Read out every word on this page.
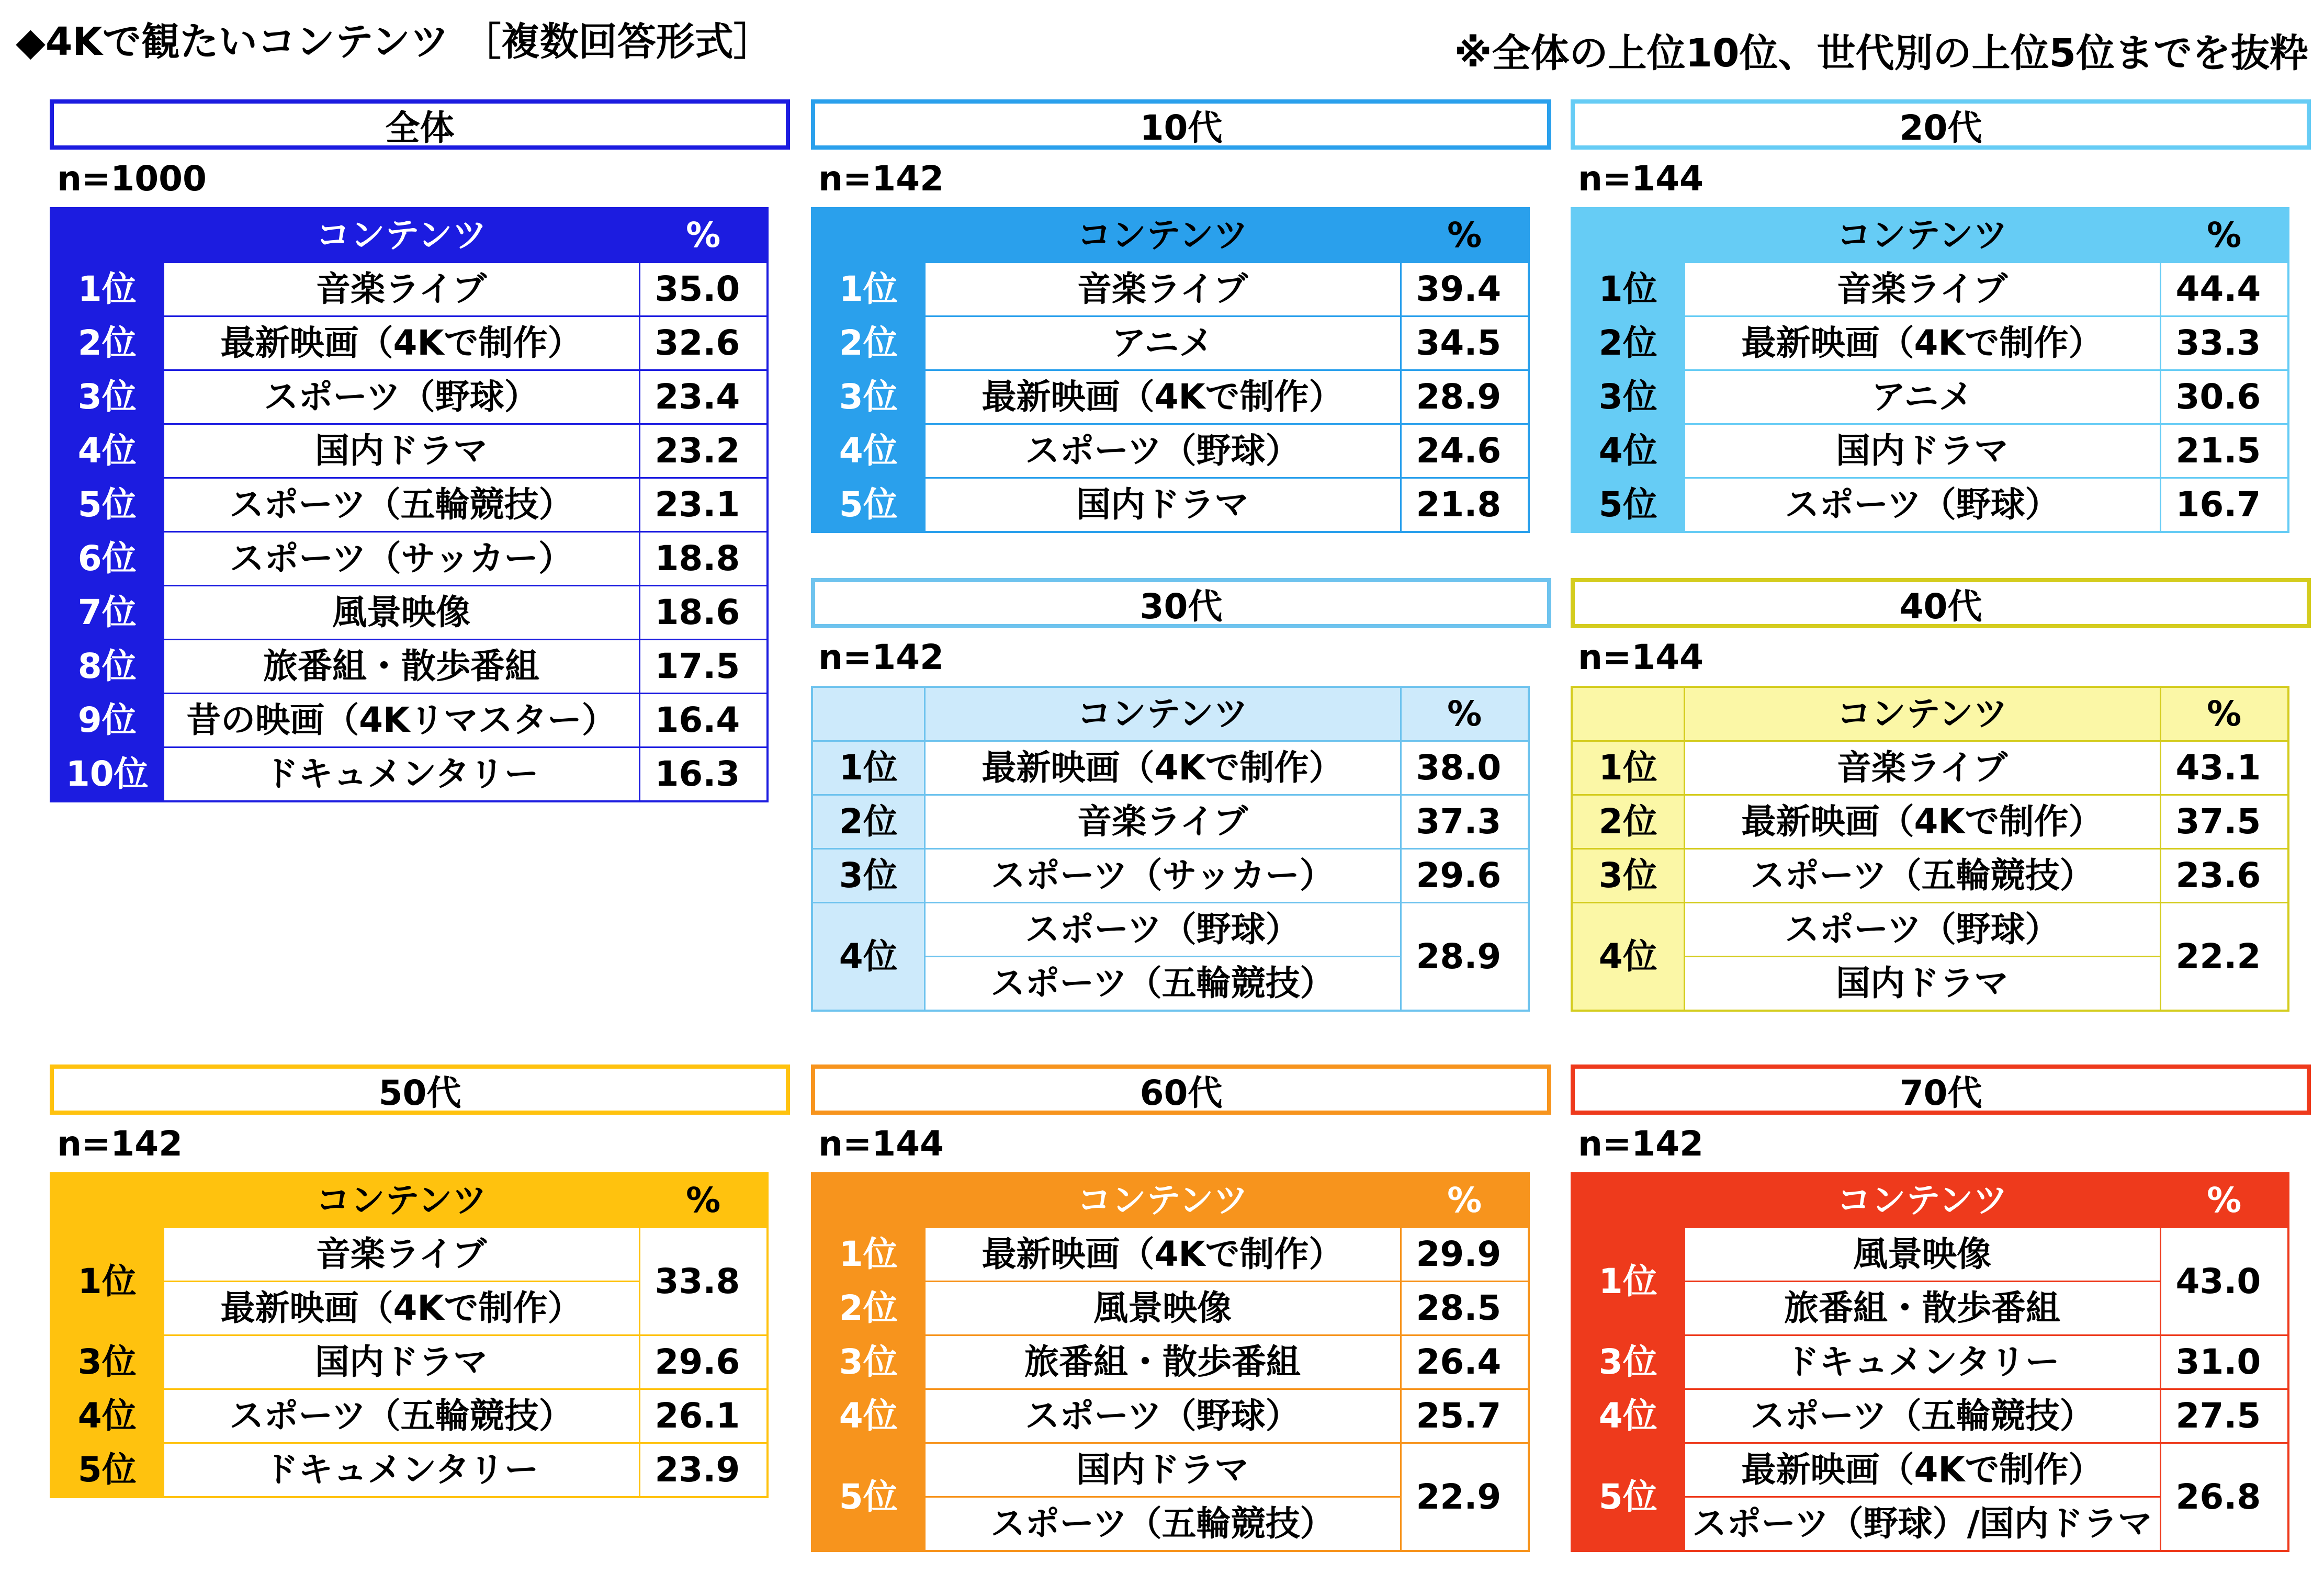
◆4Kで観たいコンテンツ ［複数回答形式］	※全体の上位10位、世代別の上位5位までを抜粋
全体
n=1000
	コンテンツ	%
1位	音楽ライブ	35.0
2位	最新映画（4Kで制作）	32.6
3位	スポーツ（野球）	23.4
4位	国内ドラマ	23.2
5位	スポーツ（五輪競技）	23.1
6位	スポーツ（サッカー）	18.8
7位	風景映像	18.6
8位	旅番組・散歩番組	17.5
9位	昔の映画（4Kリマスター）	16.4
10位	ドキュメンタリー	16.3
10代
n=142
	コンテンツ	%
1位	音楽ライブ	39.4
2位	アニメ	34.5
3位	最新映画（4Kで制作）	28.9
4位	スポーツ（野球）	24.6
5位	国内ドラマ	21.8
20代
n=144
	コンテンツ	%
1位	音楽ライブ	44.4
2位	最新映画（4Kで制作）	33.3
3位	アニメ	30.6
4位	国内ドラマ	21.5
5位	スポーツ（野球）	16.7
30代
n=142
	コンテンツ	%
1位	最新映画（4Kで制作）	38.0
2位	音楽ライブ	37.3
3位	スポーツ（サッカー）	29.6
4位	スポーツ（野球）
スポーツ（五輪競技）	28.9
40代
n=144
	コンテンツ	%
1位	音楽ライブ	43.1
2位	最新映画（4Kで制作）	37.5
3位	スポーツ（五輪競技）	23.6
4位	スポーツ（野球）
国内ドラマ	22.2
50代
n=142
	コンテンツ	%
1位	音楽ライブ
最新映画（4Kで制作）	33.8
3位	国内ドラマ	29.6
4位	スポーツ（五輪競技）	26.1
5位	ドキュメンタリー	23.9
60代
n=144
	コンテンツ	%
1位	最新映画（4Kで制作）	29.9
2位	風景映像	28.5
3位	旅番組・散歩番組	26.4
4位	スポーツ（野球）	25.7
5位	国内ドラマ
スポーツ（五輪競技）	22.9
70代
n=142
	コンテンツ	%
1位	風景映像
旅番組・散歩番組	43.0
3位	ドキュメンタリー	31.0
4位	スポーツ（五輪競技）	27.5
5位	最新映画（4Kで制作）
スポーツ（野球）/国内ドラマ	26.8
